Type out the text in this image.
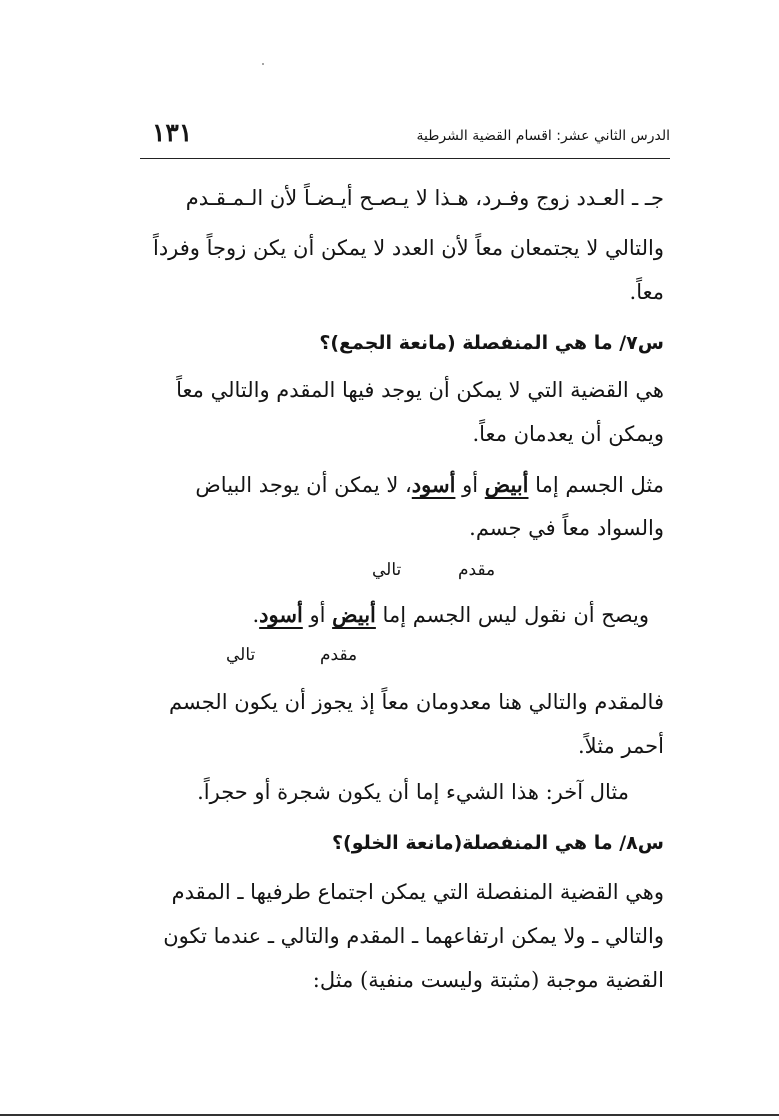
١٣١	الدرس الثاني عشر: اقسام القضية الشرطية
جـ ـ العـدد زوج وفـرد، هـذا لا يـصـح أيـضـاً لأن الـمـقـدم
والتالي لا يجتمعان معاً لأن العدد لا يمكن أن يكن زوجاً وفرداً
معاً.
س٧/ ما هي المنفصلة (مانعة الجمع)؟
هي القضية التي لا يمكن أن يوجد فيها المقدم والتالي معاً
ويمكن أن يعدمان معاً.
مثل الجسم إما أبيض أو أسود، لا يمكن أن يوجد البياض
والسواد معاً في جسم.
مقدم
تالي
ويصح أن نقول ليس الجسم إما أبيض أو أسود.
مقدم
تالي
فالمقدم والتالي هنا معدومان معاً إذ يجوز أن يكون الجسم
أحمر مثلاً.
مثال آخر: هذا الشيء إما أن يكون شجرة أو حجراً.
س٨/ ما هي المنفصلة(مانعة الخلو)؟
وهي القضية المنفصلة التي يمكن اجتماع طرفيها ـ المقدم
والتالي ـ ولا يمكن ارتفاعهما ـ المقدم والتالي ـ عندما تكون
القضية موجبة (مثبتة وليست منفية) مثل:
